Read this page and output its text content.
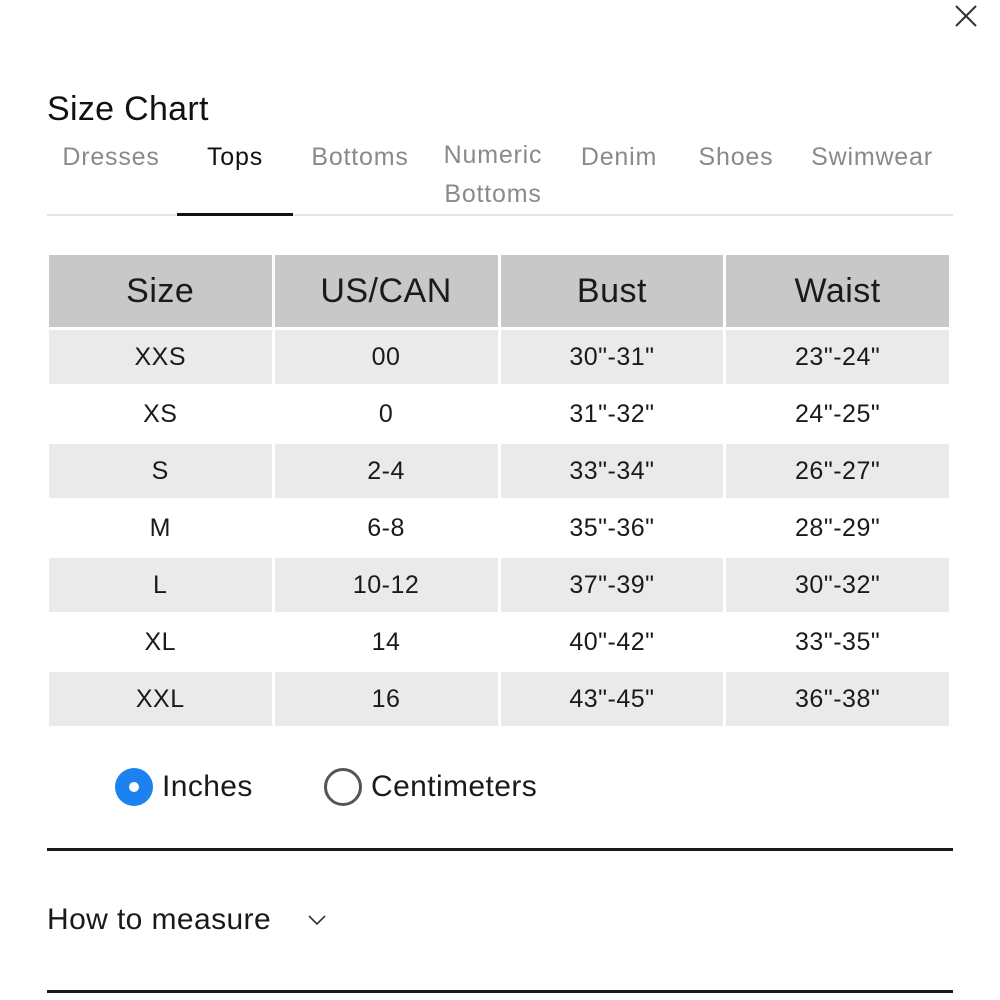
Size Chart
Dresses	Tops	Bottoms Numeric
Bottoms
Denim Shoes Swimwear
Size	US/CAN	Bust	Waist
XXS	00	30"-31"	23"-24"
XS	0	31"-32"	24"-25"
S	2-4	33"-34"	26"-27"
M	6-8	35"-36"	28"-29"
L	10-12	37"-39"	30"-32"
XL	14	40"-42"	33"-35"
XXL	16	43"-45"	36"-38"
Inches	Centimeters
How to measure
